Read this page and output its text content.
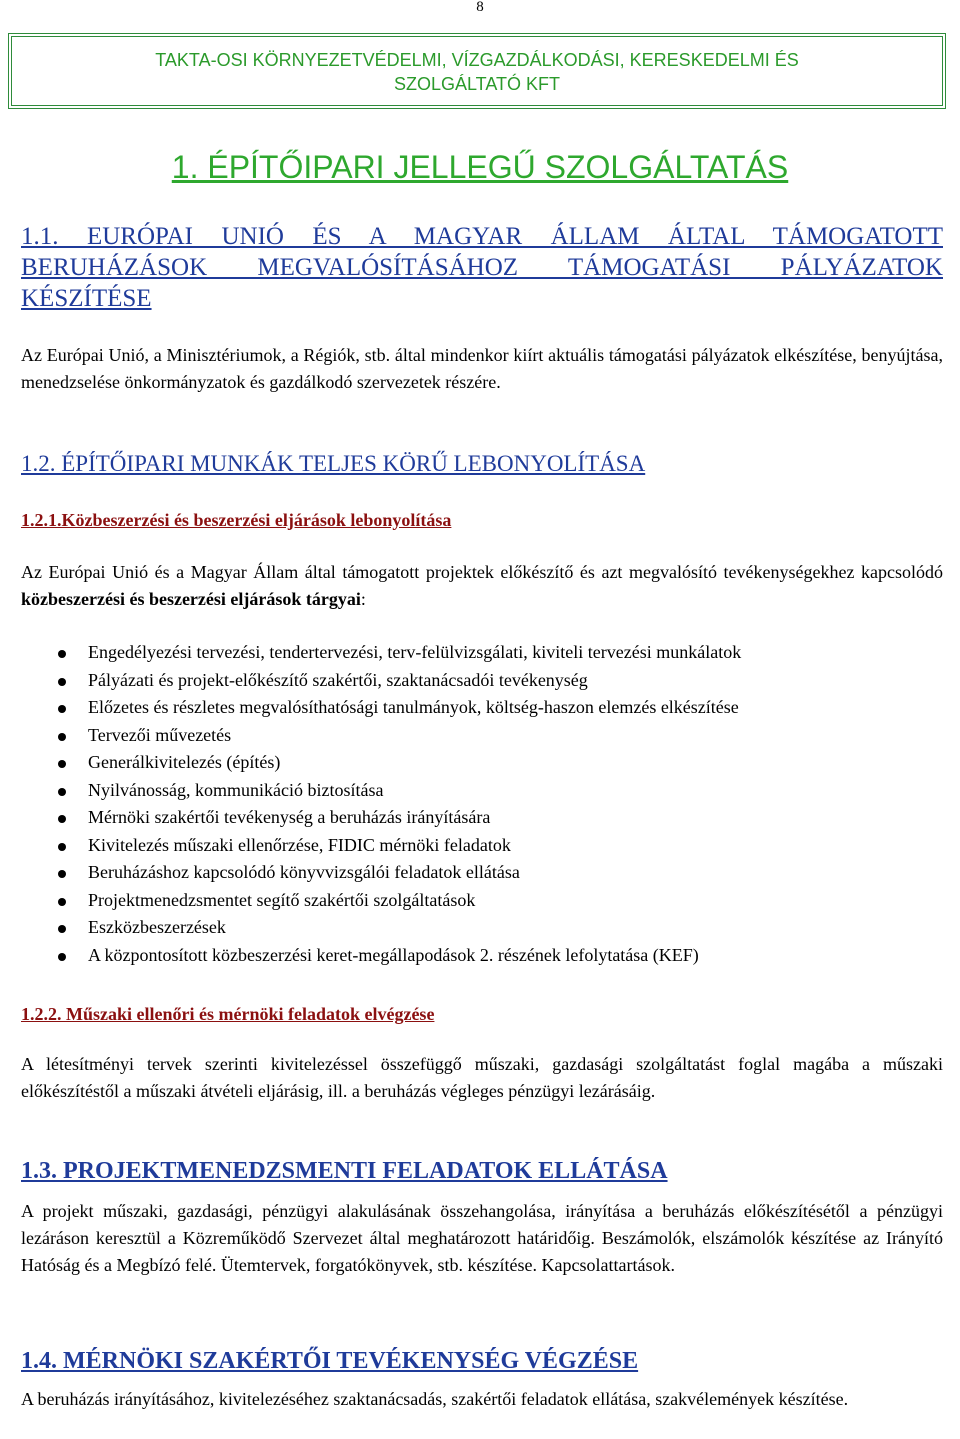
8
TAKTA-OSI KÖRNYEZETVÉDELMI, VÍZGAZDÁLKODÁSI, KERESKEDELMI ÉS
SZOLGÁLTATÓ KFT
1. ÉPÍTŐIPARI JELLEGŰ SZOLGÁLTATÁS
1.1. EURÓPAI UNIÓ ÉS A MAGYAR ÁLLAM ÁLTAL TÁMOGATOTT BERUHÁZÁSOK MEGVALÓSÍTÁSÁHOZ TÁMOGATÁSI PÁLYÁZATOK KÉSZÍTÉSE
Az Európai Unió, a Minisztériumok, a Régiók, stb. által mindenkor kiírt aktuális támogatási pályázatok elkészítése, benyújtása, menedzselése önkormányzatok és gazdálkodó szervezetek részére.
1.2. ÉPÍTŐIPARI MUNKÁK TELJES KÖRŰ LEBONYOLÍTÁSA
1.2.1.Közbeszerzési és beszerzési eljárások lebonyolítása
Az Európai Unió és a Magyar Állam által támogatott projektek előkészítő és azt megvalósító tevékenységekhez kapcsolódó közbeszerzési és beszerzési eljárások tárgyai:
Engedélyezési tervezési, tendertervezési, terv-felülvizsgálati, kiviteli tervezési munkálatok
Pályázati és projekt-előkészítő szakértői, szaktanácsadói tevékenység
Előzetes és részletes megvalósíthatósági tanulmányok, költség-haszon elemzés elkészítése
Tervezői művezetés
Generálkivitelezés (építés)
Nyilvánosság, kommunikáció biztosítása
Mérnöki szakértői tevékenység a beruházás irányítására
Kivitelezés műszaki ellenőrzése, FIDIC mérnöki feladatok
Beruházáshoz kapcsolódó könyvvizsgálói feladatok ellátása
Projektmenedzsmentet segítő szakértői szolgáltatások
Eszközbeszerzések
A központosított közbeszerzési keret-megállapodások 2. részének lefolytatása (KEF)
1.2.2. Műszaki ellenőri és mérnöki feladatok elvégzése
A létesítményi tervek szerinti kivitelezéssel összefüggő műszaki, gazdasági szolgáltatást foglal magába a műszaki előkészítéstől a műszaki átvételi eljárásig, ill. a beruházás végleges pénzügyi lezárásáig.
1.3. PROJEKTMENEDZSMENTI FELADATOK ELLÁTÁSA
A projekt műszaki, gazdasági, pénzügyi alakulásának összehangolása, irányítása a beruházás előkészítésétől a pénzügyi lezáráson keresztül a Közreműködő Szervezet által meghatározott határidőig. Beszámolók, elszámolók készítése az Irányító Hatóság és a Megbízó felé. Ütemtervek, forgatókönyvek, stb. készítése. Kapcsolattartások.
1.4. MÉRNÖKI SZAKÉRTŐI TEVÉKENYSÉG VÉGZÉSE
A beruházás irányításához, kivitelezéséhez szaktanácsadás, szakértői feladatok ellátása, szakvélemények készítése.
